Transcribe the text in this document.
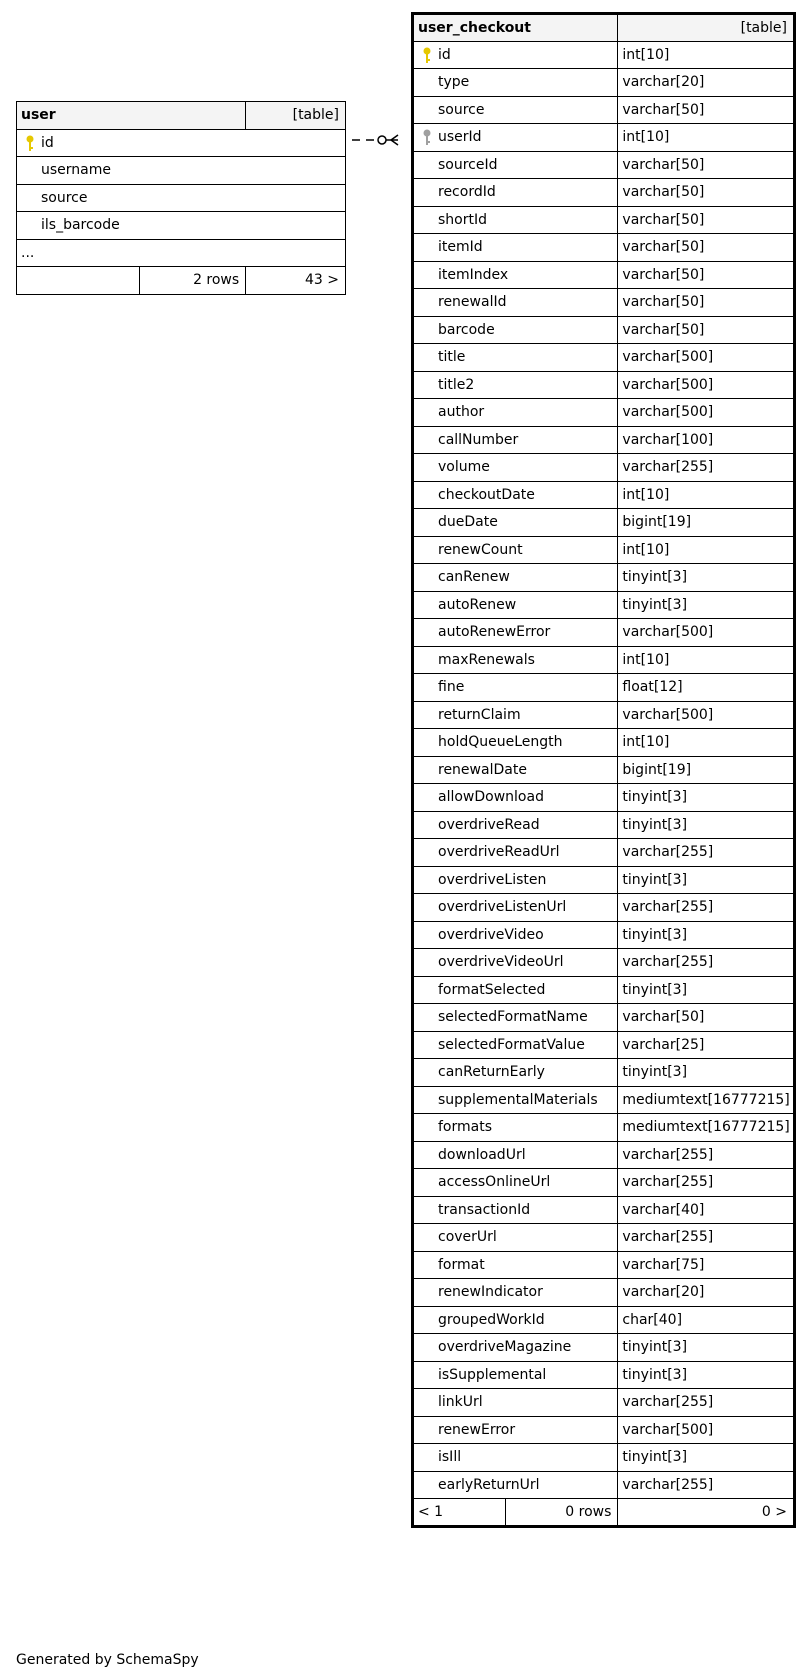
user		[table]

id		
username		
source		
ils_barcode		
...		
	2 rows	43 >
user_checkout		[table]

id		int[10]
type		varchar[20]
source		varchar[50]

userId		int[10]
sourceId		varchar[50]
recordId		varchar[50]
shortId		varchar[50]
itemId		varchar[50]
itemIndex		varchar[50]
renewalId		varchar[50]
barcode		varchar[50]
title		varchar[500]
title2		varchar[500]
author		varchar[500]
callNumber		varchar[100]
volume		varchar[255]
checkoutDate		int[10]
dueDate		bigint[19]
renewCount		int[10]
canRenew		tinyint[3]
autoRenew		tinyint[3]
autoRenewError		varchar[500]
maxRenewals		int[10]
fine		float[12]
returnClaim		varchar[500]
holdQueueLength		int[10]
renewalDate		bigint[19]
allowDownload		tinyint[3]
overdriveRead		tinyint[3]
overdriveReadUrl		varchar[255]
overdriveListen		tinyint[3]
overdriveListenUrl		varchar[255]
overdriveVideo		tinyint[3]
overdriveVideoUrl		varchar[255]
formatSelected		tinyint[3]
selectedFormatName		varchar[50]
selectedFormatValue		varchar[25]
canReturnEarly		tinyint[3]
supplementalMaterials		mediumtext[16777215]
formats		mediumtext[16777215]
downloadUrl		varchar[255]
accessOnlineUrl		varchar[255]
transactionId		varchar[40]
coverUrl		varchar[255]
format		varchar[75]
renewIndicator		varchar[20]
groupedWorkId		char[40]
overdriveMagazine		tinyint[3]
isSupplemental		tinyint[3]
linkUrl		varchar[255]
renewError		varchar[500]
isIll		tinyint[3]
earlyReturnUrl		varchar[255]
< 1	0 rows	0 >
Generated by SchemaSpy
